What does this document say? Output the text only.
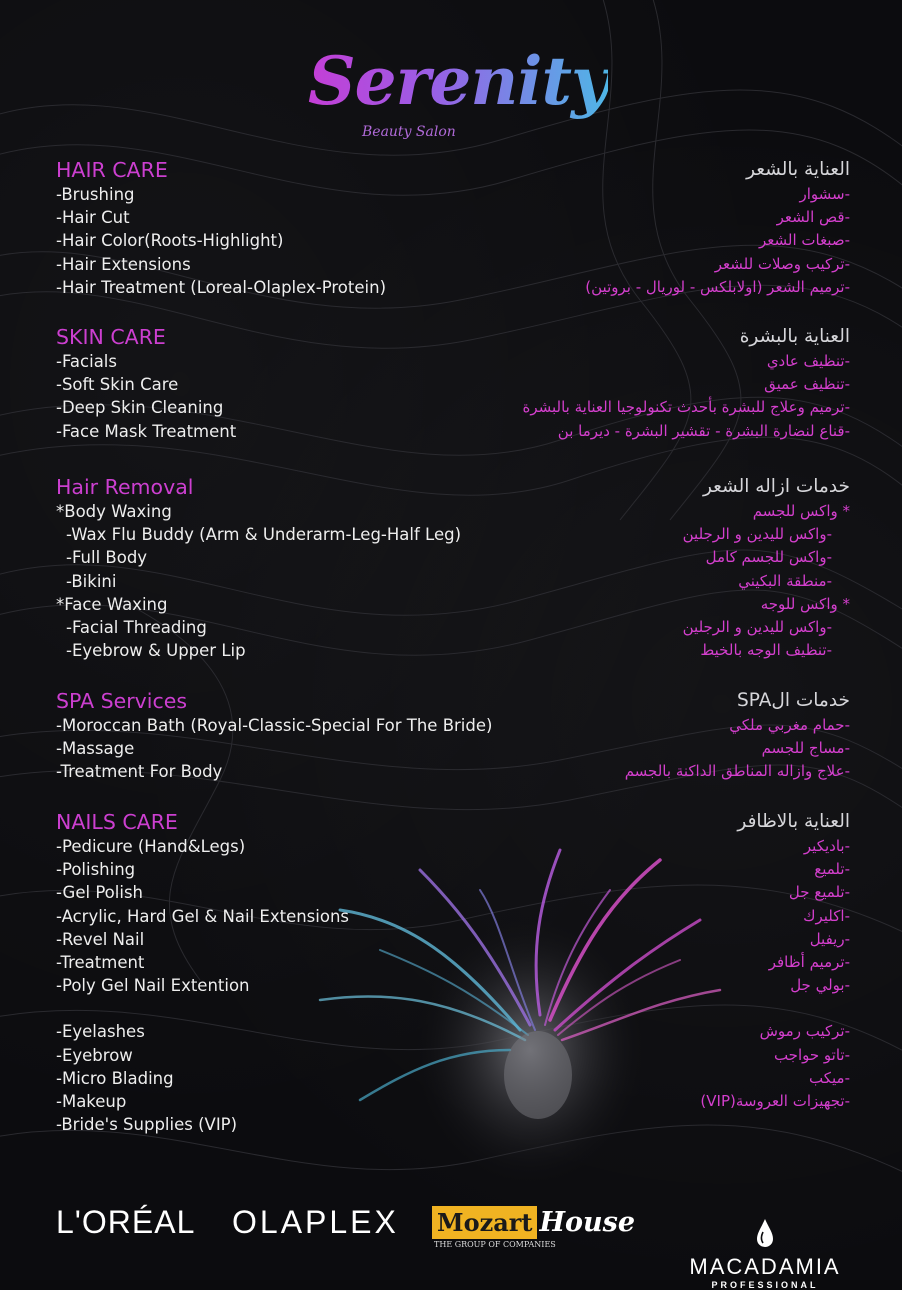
Serenity
Beauty Salon
HAIR CARE
-Brushing
-Hair Cut
-Hair Color(Roots-Highlight)
-Hair Extensions
-Hair Treatment (Loreal-Olaplex-Protein)
SKIN CARE
-Facials
-Soft Skin Care
-Deep Skin Cleaning
-Face Mask Treatment
Hair Removal
*Body Waxing
-Wax Flu Buddy (Arm & Underarm-Leg-Half Leg)
-Full Body
-Bikini
*Face Waxing
-Facial Threading
-Eyebrow & Upper Lip
SPA Services
-Moroccan Bath (Royal-Classic-Special For The Bride)
-Massage
-Treatment For Body
NAILS CARE
-Pedicure (Hand&Legs)
-Polishing
-Gel Polish
-Acrylic, Hard Gel & Nail Extensions
-Revel Nail
-Treatment
-Poly Gel Nail Extention
-Eyelashes
-Eyebrow
-Micro Blading
-Makeup
-Bride's Supplies (VIP)
العناية بالشعر
-سشوار
-قص الشعر
-صبغات الشعر
-تركيب وصلات للشعر
-ترميم الشعر (اولابلكس - لوريال - بروتين)
العناية بالبشرة
-تنظيف عادي
-تنظيف عميق
-ترميم وعلاج للبشرة بأحدث تكنولوجيا العناية بالبشرة
-قناع لنضارة البشرة - تقشير البشرة - ديرما بن
خدمات ازاله الشعر
* واكس للجسم
-واكس لليدين و الرجلين
-واكس للجسم كامل
-منطقة البكيني
* واكس للوجه
-واكس لليدين و الرجلين
-تنظيف الوجه بالخيط
خدمات الSPA
-حمام مغربي ملكي
-مساج للجسم
-علاج وازاله المناطق الداكنة بالجسم
العناية بالاظافر
-باديكير
-تلميع
-تلميع جل
-اكليرك
-ريفيل
-ترميم أظافر
-بولي جل
-تركيب رموش
-تاتو حواجب
-ميكب
-تجهيزات العروسة(VIP)
L'ORÉAL OLAPLEX Mozart House
THE GROUP OF COMPANIES
MACADAMIA
PROFESSIONAL
